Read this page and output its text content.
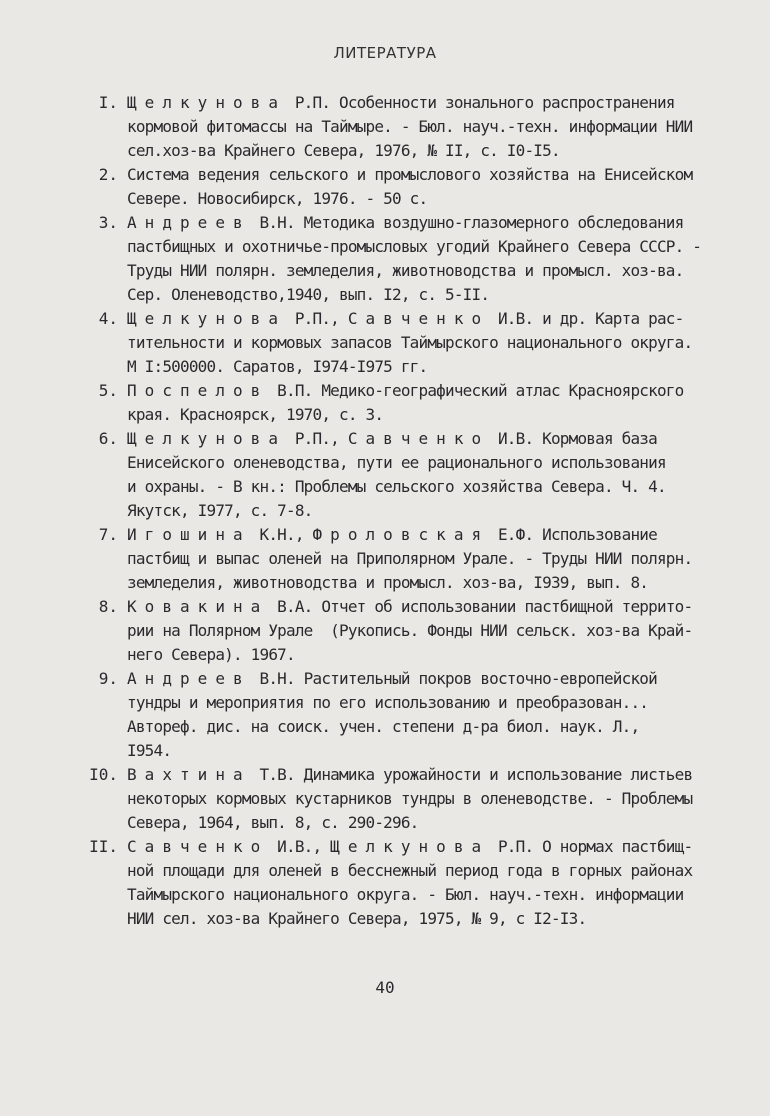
ЛИТЕРАТУРА
I. Щ е л к у н о в а  Р.П. Особенности зонального распространения
кормовой фитомассы на Таймыре. - Бюл. науч.-техн. информации НИИ
сел.хоз-ва Крайнего Севера, 1976, № II, с. I0-I5.
2. Система ведения сельского и промыслового хозяйства на Енисейском
Севере. Новосибирск, 1976. - 50 с.
3. А н д р е е в  В.Н. Методика воздушно-глазомерного обследования
пастбищных и охотничье-промысловых угодий Крайнего Севера СССР. -
Труды НИИ полярн. земледелия, животноводства и промысл. хоз-ва.
Сер. Оленеводство,1940, вып. I2, с. 5-II.
4. Щ е л к у н о в а  Р.П., С а в ч е н к о  И.В. и др. Карта рас-
тительности и кормовых запасов Таймырского национального округа.
М I:500000. Саратов, I974-I975 гг.
5. П о с п е л о в  В.П. Медико-географический атлас Красноярского
края. Красноярск, 1970, с. 3.
6. Щ е л к у н о в а  Р.П., С а в ч е н к о  И.В. Кормовая база
Енисейского оленеводства, пути ее рационального использования
и охраны. - В кн.: Проблемы сельского хозяйства Севера. Ч. 4.
Якутск, I977, с. 7-8.
7. И г о ш и н а  К.Н., Ф р о л о в с к а я  Е.Ф. Использование
пастбищ и выпас оленей на Приполярном Урале. - Труды НИИ полярн.
земледелия, животноводства и промысл. хоз-ва, I939, вып. 8.
8. К о в а к и н а  В.А. Отчет об использовании пастбищной террито-
рии на Полярном Урале  (Рукопись. Фонды НИИ сельск. хоз-ва Край-
него Севера). 1967.
9. А н д р е е в  В.Н. Растительный покров восточно-европейской
тундры и мероприятия по его использованию и преобразован...
Автореф. дис. на соиск. учен. степени д-ра биол. наук. Л.,
I954.
I0. В а х т и н а  Т.В. Динамика урожайности и использование листьев
некоторых кормовых кустарников тундры в оленеводстве. - Проблемы
Севера, 1964, вып. 8, с. 290-296.
II. С а в ч е н к о  И.В., Щ е л к у н о в а  Р.П. О нормах пастбищ-
ной площади для оленей в бесснежный период года в горных районах
Таймырского национального округа. - Бюл. науч.-техн. информации
НИИ сел. хоз-ва Крайнего Севера, 1975, № 9, с I2-I3.
40
